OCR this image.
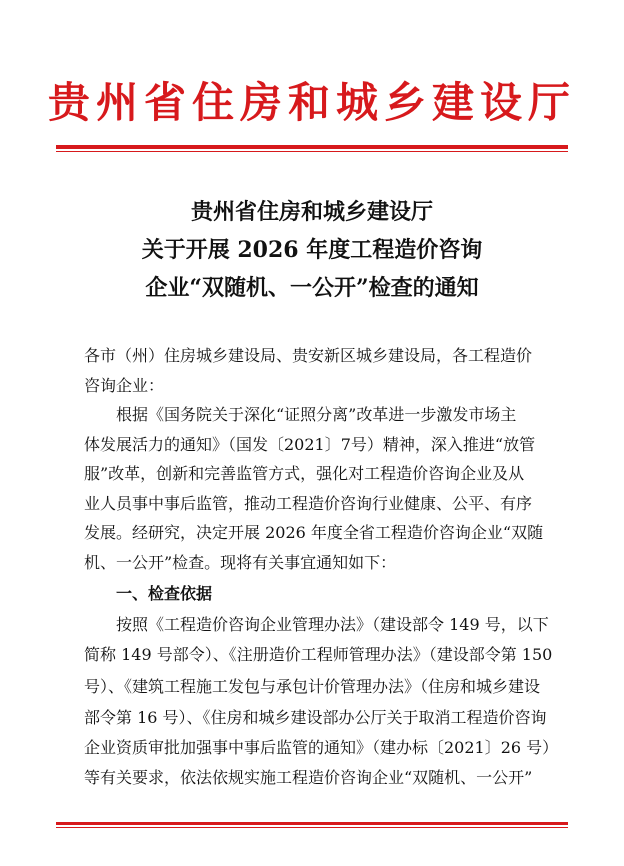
贵州省住房和城乡建设厅
贵州省住房和城乡建设厅
关于开展 2026 年度工程造价咨询
企业“双随机、一公开”检查的通知
各市（州）住房城乡建设局、贵安新区城乡建设局，各工程造价
咨询企业：
根据《国务院关于深化“证照分离”改革进一步激发市场主
体发展活力的通知》（国发〔2021〕7号）精神，深入推进“放管
服”改革，创新和完善监管方式，强化对工程造价咨询企业及从
业人员事中事后监管，推动工程造价咨询行业健康、公平、有序
发展。经研究，决定开展 2026 年度全省工程造价咨询企业“双随
机、一公开”检查。现将有关事宜通知如下：
一、检查依据
按照《工程造价咨询企业管理办法》（建设部令 149 号，以下
简称 149 号部令）、《注册造价工程师管理办法》（建设部令第 150
号）、《建筑工程施工发包与承包计价管理办法》（住房和城乡建设
部令第 16 号）、《住房和城乡建设部办公厅关于取消工程造价咨询
企业资质审批加强事中事后监管的通知》（建办标〔2021〕26 号）
等有关要求，依法依规实施工程造价咨询企业“双随机、一公开”
